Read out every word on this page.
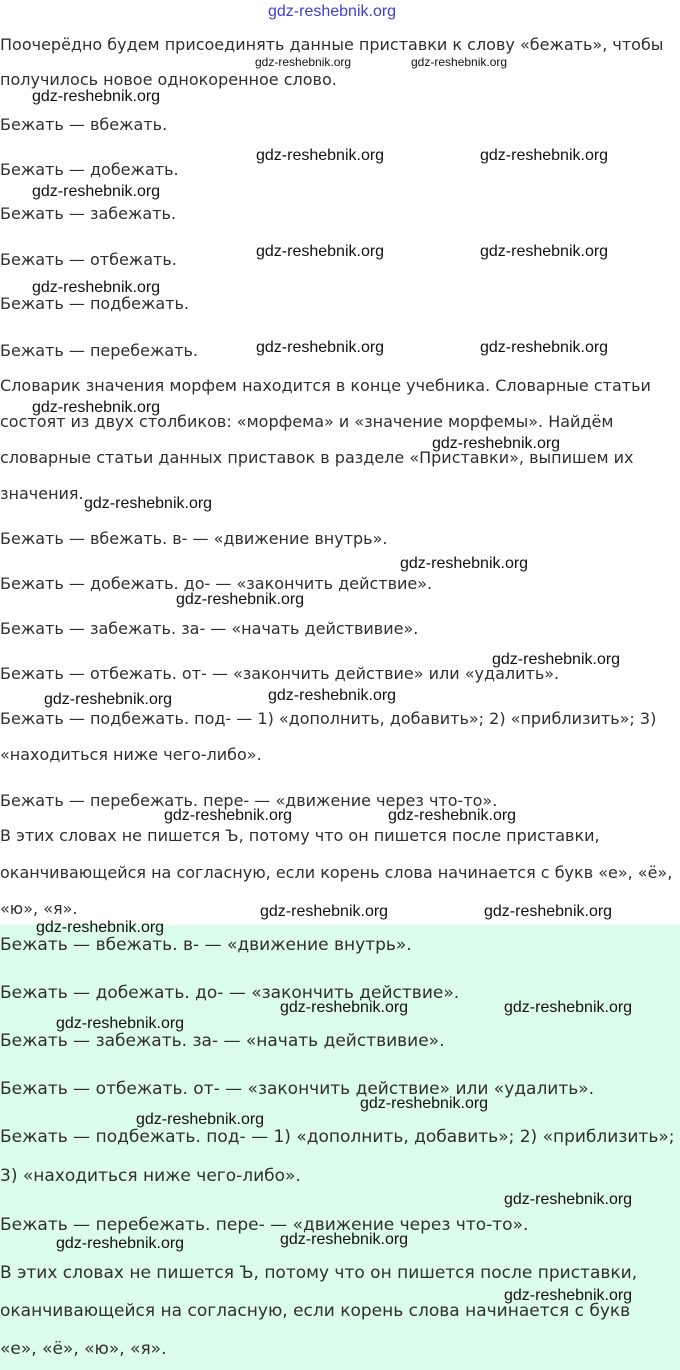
Поочерёдно будем присоединять данные приставки к слову «бежать», чтобы

получилось новое однокоренное слово.

Бежать — вбежать.

Бежать — добежать.

Бежать — забежать.

Бежать — отбежать.

Бежать — подбежать.

Бежать — перебежать.

Словарик значения морфем находится в конце учебника. Словарные статьи

состоят из двух столбиков: «морфема» и «значение морфемы». Найдём

словарные статьи данных приставок в разделе «Приставки», выпишем их

значения.

Бежать — вбежать. в- — «движение внутрь».

Бежать — добежать. до- — «закончить действие».

Бежать — забежать. за- — «начать действивие».

Бежать — отбежать. от- — «закончить действие» или «удалить».

Бежать — подбежать. под- — 1) «дополнить, добавить»; 2) «приблизить»; 3)

«находиться ниже чего-либо».

Бежать — перебежать. пере- — «движение через что-то».

В этих словах не пишется Ъ, потому что он пишется после приставки,

оканчивающейся на согласную, если корень слова начинается с букв «е», «ё»,

«ю», «я».

Бежать — вбежать. в- — «движение внутрь».

Бежать — добежать. до- — «закончить действие».

Бежать — забежать. за- — «начать действивие».

Бежать — отбежать. от- — «закончить действие» или «удалить».

Бежать — подбежать. под- — 1) «дополнить, добавить»; 2) «приблизить»;

3) «находиться ниже чего-либо».

Бежать — перебежать. пере- — «движение через что-то».

В этих словах не пишется Ъ, потому что он пишется после приставки,

оканчивающейся на согласную, если корень слова начинается с букв

«е», «ё», «ю», «я».

gdz-reshebnik.org
gdz-reshebnik.org	gdz-reshebnik.org
gdz-reshebnik.org
gdz-reshebnik.org	gdz-reshebnik.org
gdz-reshebnik.org
gdz-reshebnik.org	gdz-reshebnik.org
gdz-reshebnik.org
gdz-reshebnik.org	gdz-reshebnik.org
gdz-reshebnik.org
gdz-reshebnik.org
gdz-reshebnik.org
gdz-reshebnik.org
gdz-reshebnik.org
gdz-reshebnik.org
gdz-reshebnik.org	gdz-reshebnik.org
gdz-reshebnik.org	gdz-reshebnik.org
gdz-reshebnik.org	gdz-reshebnik.org
gdz-reshebnik.org
gdz-reshebnik.org	gdz-reshebnik.org
gdz-reshebnik.org
gdz-reshebnik.org
gdz-reshebnik.org
gdz-reshebnik.org
gdz-reshebnik.org	gdz-reshebnik.org
gdz-reshebnik.org
